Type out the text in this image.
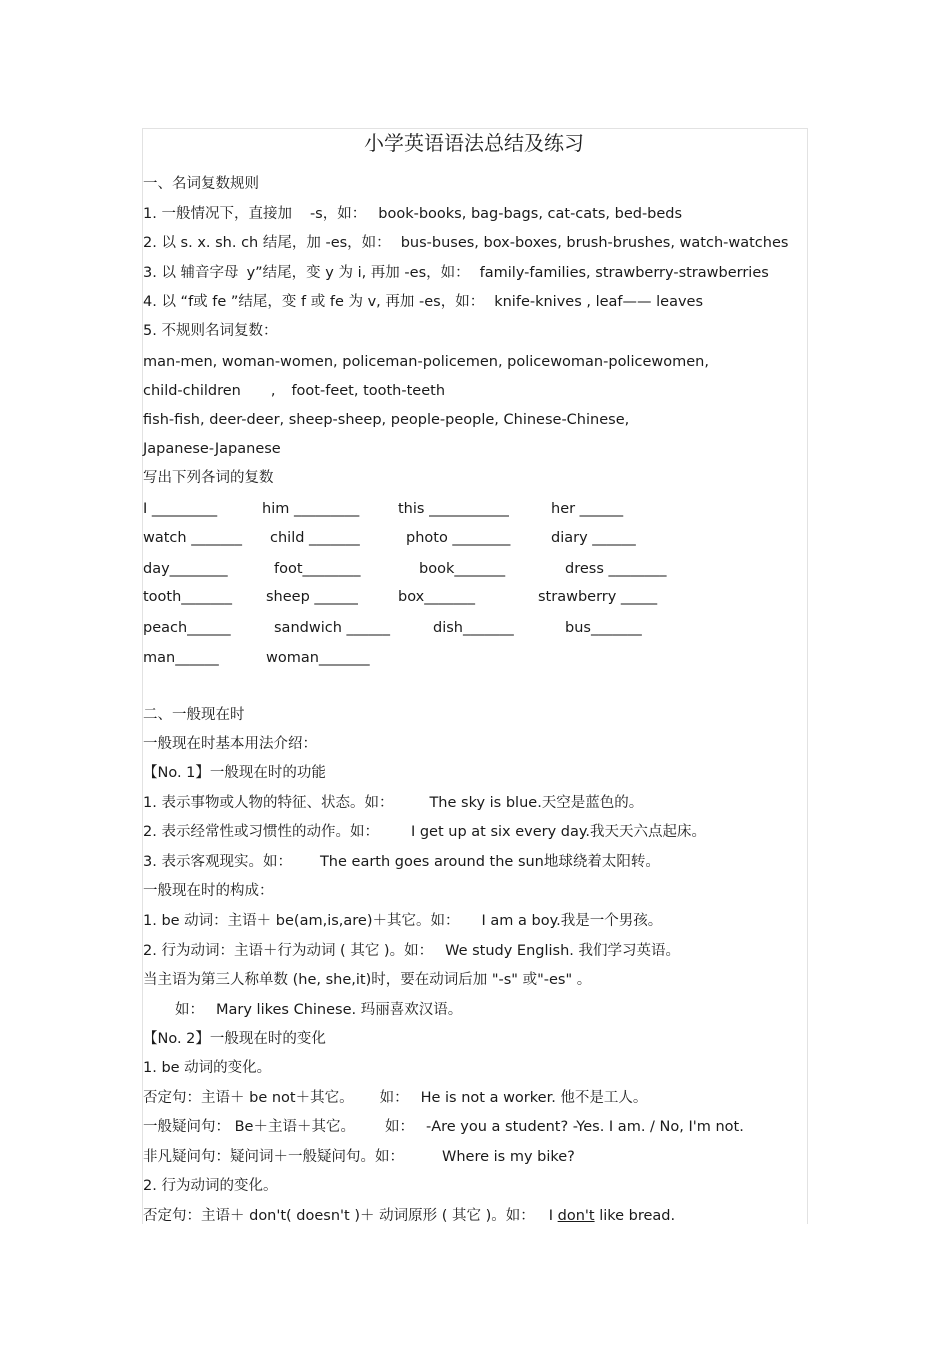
小学英语语法总结及练习
一、名词复数规则
1. 一般情况下，直接加 -s，如： book-books, bag-bags, cat-cats, bed-beds
2. 以 s. x. sh. ch 结尾，加 -es，如： bus-buses, box-boxes, brush-brushes, watch-watches
3. 以 辅音字母 y”结尾，变 y 为 i, 再加 -es，如： family-families, strawberry-strawberries
4. 以 “f或 fe ”结尾，变 f 或 fe 为 v, 再加 -es，如： knife-knives , leaf—— leaves
5. 不规则名词复数：
man-men, woman-women, policeman-policemen, policewoman-policewomen,
child-children , foot-feet, tooth-teeth
fish-fish, deer-deer, sheep-sheep, people-people, Chinese-Chinese,
Japanese-Japanese
写出下列各词的复数
I _________	him _________	this ___________	her ______
watch _______ child _______	photo ________	diary ______
day________	foot________	book_______	dress ________
tooth_______ sheep ______	box_______	strawberry _____
peach______	sandwich ______	dish_______	bus_______
man______	woman_______
二、一般现在时
一般现在时基本用法介绍：
【No. 1】一般现在时的功能
1. 表示事物或人物的特征、状态。如： The sky is blue.天空是蓝色的。
2. 表示经常性或习惯性的动作。如： I get up at six every day.我天天六点起床。
3. 表示客观现实。如： The earth goes around the sun地球绕着太阳转。
一般现在时的构成：
1. be 动词：主语＋ be(am,is,are)＋其它。如： I am a boy.我是一个男孩。
2. 行为动词：主语＋行为动词 ( 其它 )。如： We study English. 我们学习英语。
当主语为第三人称单数 (he, she,it)时，要在动词后加 "-s" 或"-es" 。
如： Mary likes Chinese. 玛丽喜欢汉语。
【No. 2】一般现在时的变化
1. be 动词的变化。
否定句：主语＋ be not＋其它。 如： He is not a worker. 他不是工人。
一般疑问句： Be＋主语＋其它。 如： -Are you a student? -Yes. I am. / No, I'm not.
非凡疑问句：疑问词＋一般疑问句。如：	Where is my bike?
2. 行为动词的变化。
否定句：主语＋ don't( doesn't )＋ 动词原形 ( 其它 )。如： I don't like bread.
